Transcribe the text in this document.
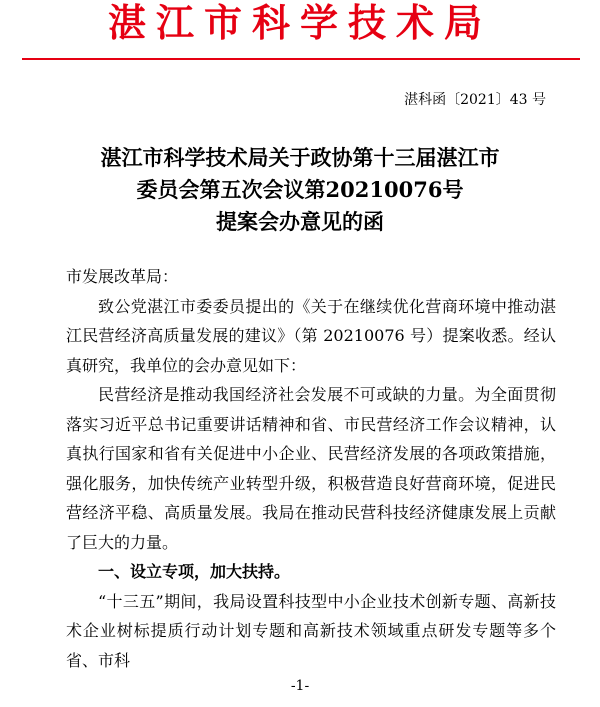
湛江市科学技术局
湛科函〔2021〕43 号
湛江市科学技术局关于政协第十三届湛江市
委员会第五次会议第20210076号
提案会办意见的函

市发展改革局：

致公党湛江市委委员提出的《关于在继续优化营商环境中推动湛江民营经济高质量发展的建议》（第 20210076 号）提案收悉。经认真研究，我单位的会办意见如下：

民营经济是推动我国经济社会发展不可或缺的力量。为全面贯彻落实习近平总书记重要讲话精神和省、市民营经济工作会议精神，认真执行国家和省有关促进中小企业、民营经济发展的各项政策措施，强化服务，加快传统产业转型升级，积极营造良好营商环境，促进民营经济平稳、高质量发展。我局在推动民营科技经济健康发展上贡献了巨大的力量。

一、设立专项，加大扶持。

“十三五”期间，我局设置科技型中小企业技术创新专题、高新技术企业树标提质行动计划专题和高新技术领域重点研发专题等多个省、市科

-1-
